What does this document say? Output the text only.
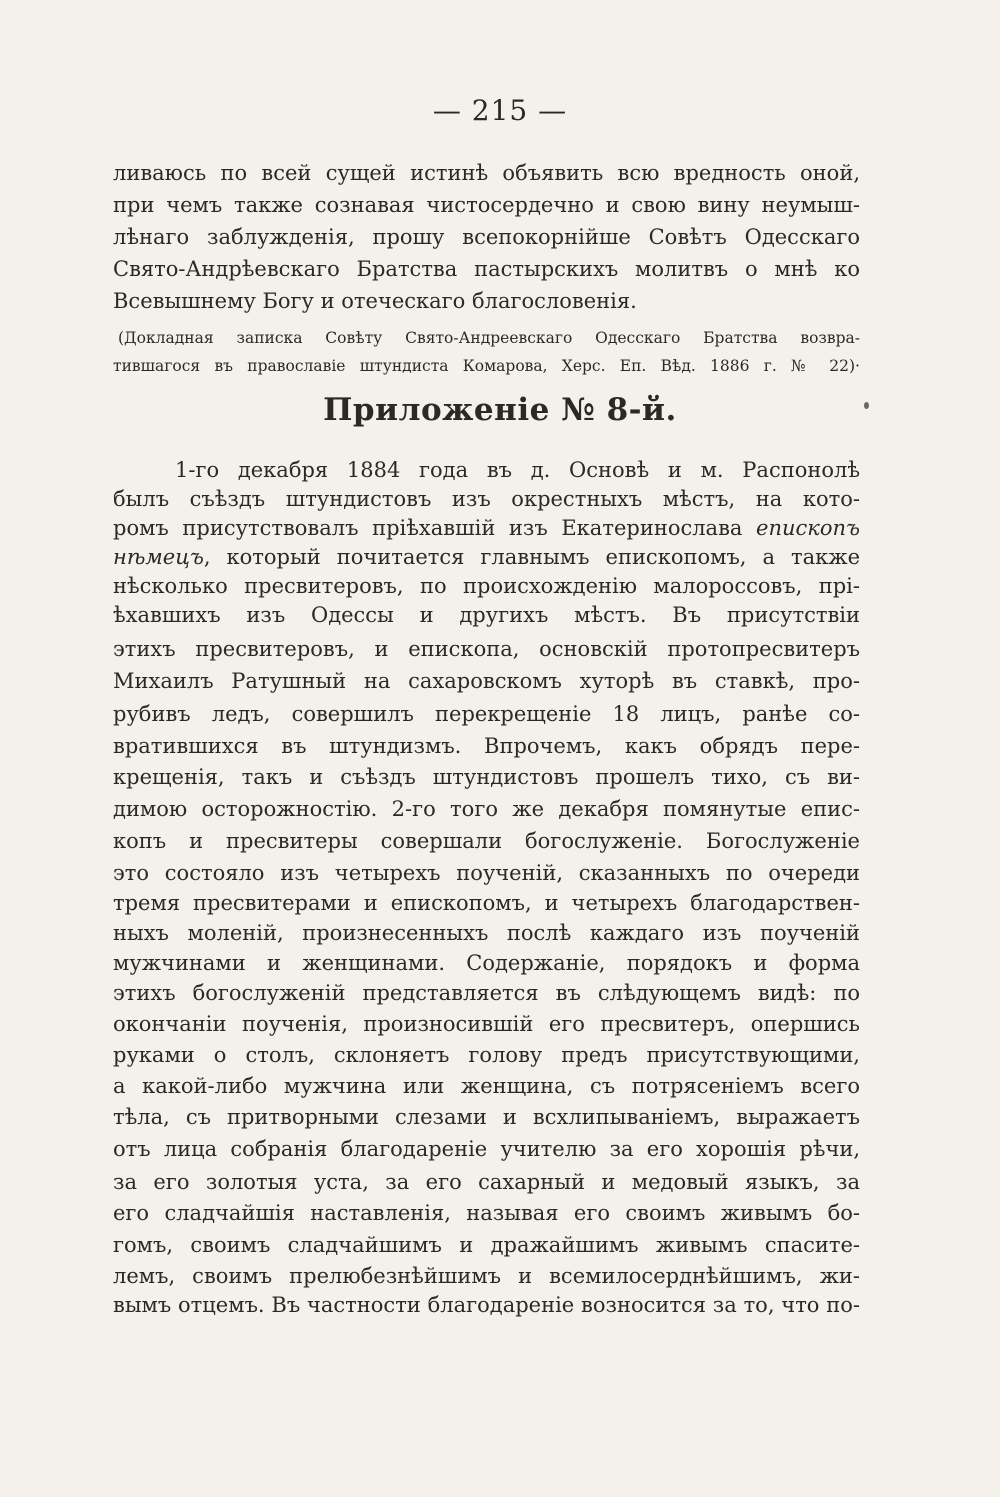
— 215 —
ливаюсь по всей сущей истинѣ объявить всю вредность оной,
при чемъ также сознавая чистосердечно и свою вину неумыш-
лѣнаго заблужденія, прошу всепокорнійше Совѣтъ Одесскаго
Свято-Андрѣевскаго Братства пастырскихъ молитвъ о мнѣ ко
Всевышнему Богу и отеческаго благословенія.
(Докладная записка Совѣту Свято-Андреевскаго Одесскаго Братства возвра-
тившагося въ православіе штундиста Комарова, Херс. Еп. Вѣд. 1886 г. № 22)·
Приложеніе № 8-й.
1-го декабря 1884 года въ д. Основѣ и м. Распонолѣ
былъ съѣздъ штундистовъ изъ окрестныхъ мѣстъ, на кото-
ромъ присутствовалъ пріѣхавшій изъ Екатеринослава епископъ
нѣмецъ, который почитается главнымъ епископомъ, а также
нѣсколько пресвитеровъ, по происхожденію малороссовъ, прі-
ѣхавшихъ изъ Одессы и другихъ мѣстъ. Въ присутствіи
этихъ пресвитеровъ, и епископа, основскій протопресвитеръ
Михаилъ Ратушный на сахаровскомъ хуторѣ въ ставкѣ, про-
рубивъ ледъ, совершилъ перекрещеніе 18 лицъ, ранѣе со-
вратившихся въ штундизмъ. Впрочемъ, какъ обрядъ пере-
крещенія, такъ и съѣздъ штундистовъ прошелъ тихо, съ ви-
димою осторожностію. 2-го того же декабря помянутые епис-
копъ и пресвитеры совершали богослуженіе. Богослуженіе
это состояло изъ четырехъ поученій, сказанныхъ по очереди
тремя пресвитерами и епископомъ, и четырехъ благодарствен-
ныхъ моленій, произнесенныхъ послѣ каждаго изъ поученій
мужчинами и женщинами. Содержаніе, порядокъ и форма
этихъ богослуженій представляется въ слѣдующемъ видѣ: по
окончаніи поученія, произносившій его пресвитеръ, опершись
руками о столъ, склоняетъ голову предъ присутствующими,
а какой-либо мужчина или женщина, съ потрясеніемъ всего
тѣла, съ притворными слезами и всхлипываніемъ, выражаетъ
отъ лица собранія благодареніе учителю за его хорошія рѣчи,
за его золотыя уста, за его сахарный и медовый языкъ, за
его сладчайшія наставленія, называя его своимъ живымъ бо-
гомъ, своимъ сладчайшимъ и дражайшимъ живымъ спасите-
лемъ, своимъ прелюбезнѣйшимъ и всемилосерднѣйшимъ, жи-
вымъ отцемъ. Въ частности благодареніе возносится за то, что по-
